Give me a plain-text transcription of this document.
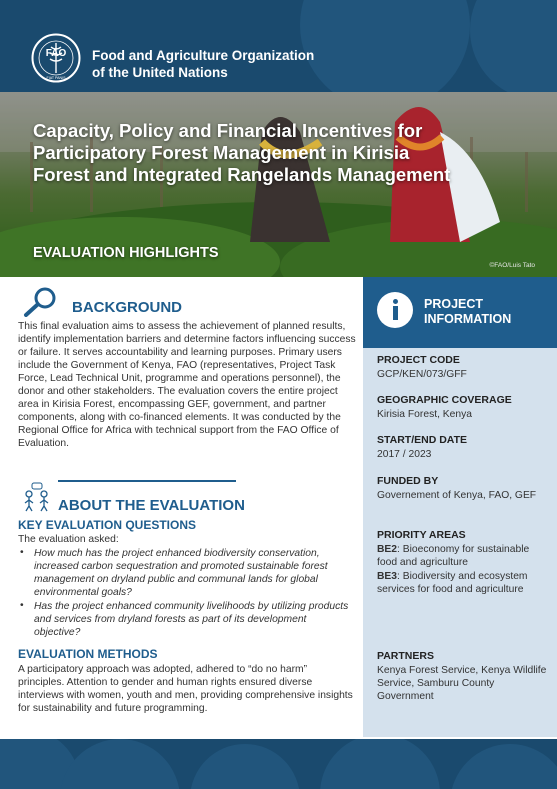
FAO
FIAT PANIS
Food and Agriculture Organization
of the United Nations
Capacity, Policy and Financial Incentives for Participatory Forest Management in Kirisia Forest and Integrated Rangelands Management
EVALUATION HIGHLIGHTS
©FAO/Luis Tato
BACKGROUND
This final evaluation aims to assess the achievement of planned results, identify implementation barriers and determine factors influencing success or failure. It serves accountability and learning purposes. Primary users include the Government of Kenya, FAO (representatives, Project Task Force, Lead Technical Unit, programme and operations personnel), the donor and other stakeholders. The evaluation covers the entire project area in Kirisia Forest, encompassing GEF, government, and partner components, along with co-financed elements. It was conducted by the Regional Office for Africa with technical support from the FAO Office of Evaluation.
ABOUT THE EVALUATION
KEY EVALUATION QUESTIONS
The evaluation asked:
• How much has the project enhanced biodiversity conservation, increased carbon sequestration and promoted sustainable forest management on dryland public and communal lands for global environmental goals?
• Has the project enhanced community livelihoods by utilizing products and services from dryland forests as part of its development objective?
EVALUATION METHODS
A participatory approach was adopted, adhered to “do no harm” principles. Attention to gender and human rights ensured diverse interviews with women, youth and men, providing comprehensive insights for sustainability and future programming.
PROJECT
INFORMATION
PROJECT CODE
GCP/KEN/073/GFF
GEOGRAPHIC COVERAGE
Kirisia Forest, Kenya
START/END DATE
2017 / 2023
FUNDED BY
Governement of Kenya, FAO, GEF
PRIORITY AREAS
BE2: Bioeconomy for sustainable food and agriculture
BE3: Biodiversity and ecosystem services for food and agriculture
PARTNERS
Kenya Forest Service, Kenya Wildlife Service, Samburu County Government
